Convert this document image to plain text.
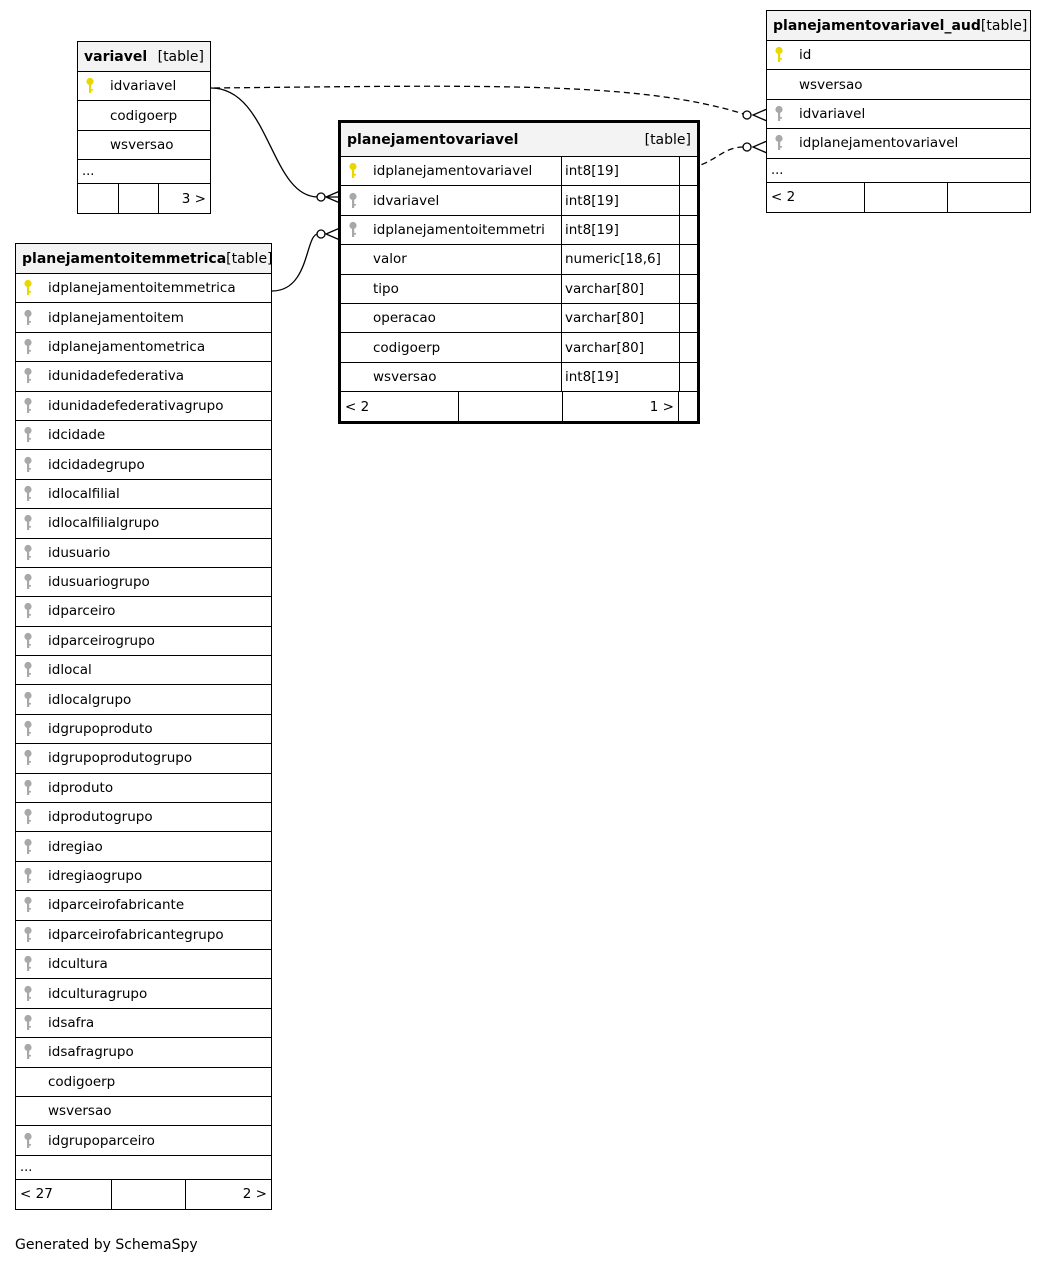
variavel [table]
idvariavel
codigoerp
wsversao
...
3 >
planejamentovariavel_aud [table]
id
wsversao
idvariavel
idplanejamentovariavel
...
< 2
planejamentovariavel	[table]
idplanejamentovariavel	int8[19]
idvariavel	int8[19]
idplanejamentoitemmetri	int8[19]
valor	numeric[18,6]
tipo	varchar[80]
operacao	varchar[80]
codigoerp	varchar[80]
wsversao	int8[19]
< 2	1 >
planejamentoitemmetrica [table]
idplanejamentoitemmetrica
idplanejamentoitem
idplanejamentometrica
idunidadefederativa
idunidadefederativagrupo
idcidade
idcidadegrupo
idlocalfilial
idlocalfilialgrupo
idusuario
idusuariogrupo
idparceiro
idparceirogrupo
idlocal
idlocalgrupo
idgrupoproduto
idgrupoprodutogrupo
idproduto
idprodutogrupo
idregiao
idregiaogrupo
idparceirofabricante
idparceirofabricantegrupo
idcultura
idculturagrupo
idsafra
idsafragrupo
codigoerp
wsversao
idgrupoparceiro
...
< 27	2 >
Generated by SchemaSpy
